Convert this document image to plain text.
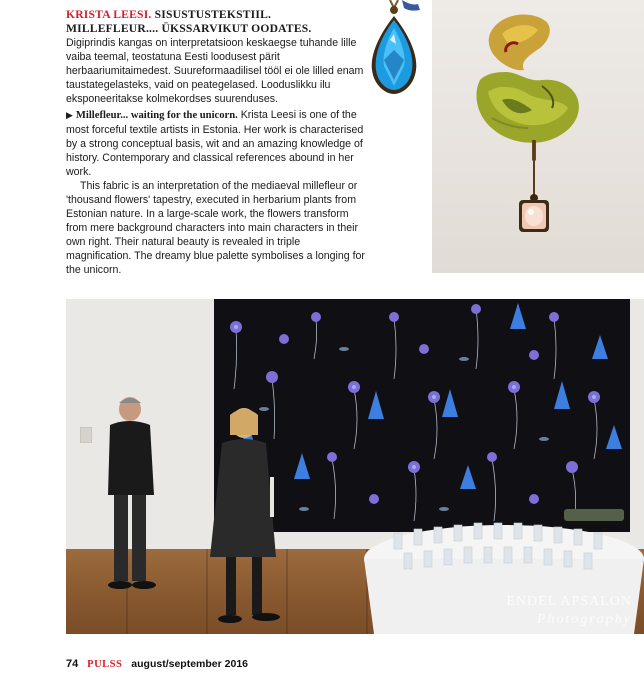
KRISTA LEESI. SISUSTUSTEKSTIIL. MILLEFLEUR.... ÜKSSARVIKUT OODATES.

Digiprindis kangas on interpretatsioon keskaegse tuhande lille vaiba teemal, teostatuna Eesti loodusest pärit herbaariumitaimedest. Suureformaadilisel tööl ei ole lilled enam taustategelasteks, vaid on peategelased. Looduslikku ilu eksponeeritakse kolmekordses suurenduses.

▶ Millefleur... waiting for the unicorn. Krista Leesi is one of the most forceful textile artists in Estonia. Her work is characterised by a strong conceptual basis, wit and an amazing knowledge of history. Contemporary and classical references abound in her work.

This fabric is an interpretation of the mediaeval millefleur or 'thousand flowers' tapestry, executed in herbarium plants from Estonian nature. In a large-scale work, the flowers transform from mere background characters into main characters in their own right. Their natural beauty is revealed in triple magnification. The dreamy blue palette symbolises a longing for the unicorn.

ENDEL APSALON
Photography
74 PULSS august/september 2016
